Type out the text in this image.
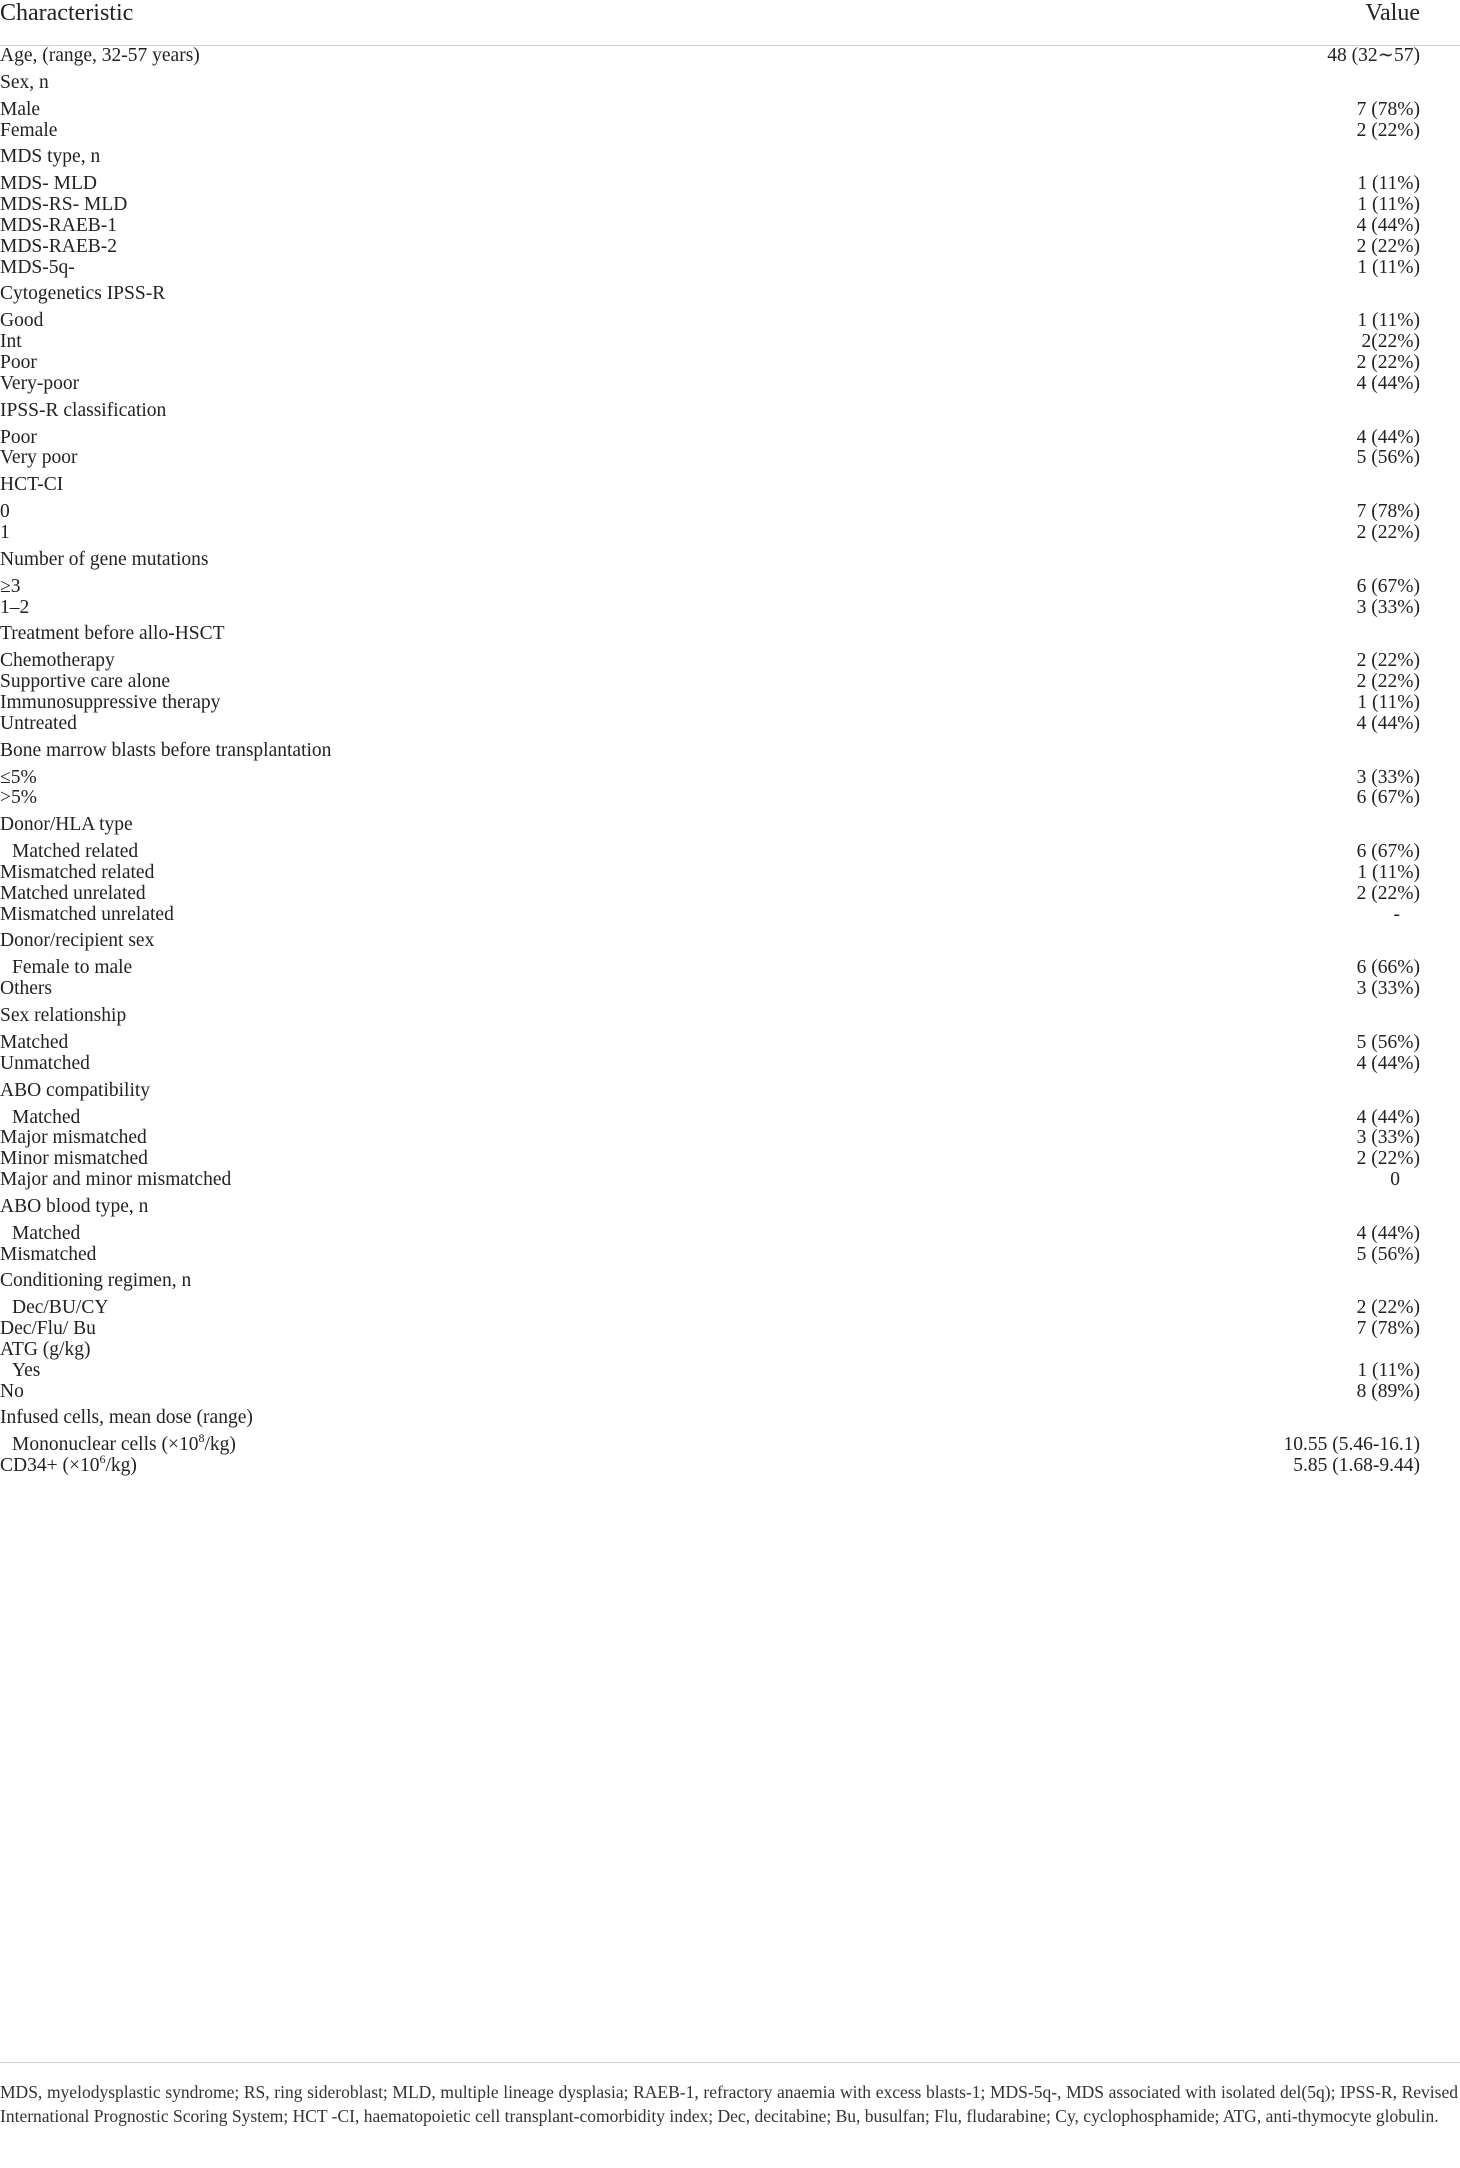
Characteristic	Value
Age, (range, 32-57 years)	48 (32∼57)
Sex, n
Male	7 (78%)
Female	2 (22%)
MDS type, n
MDS- MLD	1 (11%)
MDS-RS- MLD	1 (11%)
MDS-RAEB-1	4 (44%)
MDS-RAEB-2	2 (22%)
MDS-5q-	1 (11%)
Cytogenetics IPSS-R
Good	1 (11%)
Int	2(22%)
Poor	2 (22%)
Very-poor	4 (44%)
IPSS-R classification
Poor	4 (44%)
Very poor	5 (56%)
HCT-CI
0	7 (78%)
1	2 (22%)
Number of gene mutations
≥3	6 (67%)
1–2	3 (33%)
Treatment before allo-HSCT
Chemotherapy	2 (22%)
Supportive care alone	2 (22%)
Immunosuppressive therapy	1 (11%)
Untreated	4 (44%)
Bone marrow blasts before transplantation
≤5%	3 (33%)
>5%	6 (67%)
Donor/HLA type
Matched related	6 (67%)
Mismatched related	1 (11%)
Matched unrelated	2 (22%)
Mismatched unrelated	-
Donor/recipient sex
Female to male	6 (66%)
Others	3 (33%)
Sex relationship
Matched	5 (56%)
Unmatched	4 (44%)
ABO compatibility
Matched	4 (44%)
Major mismatched	3 (33%)
Minor mismatched	2 (22%)
Major and minor mismatched	0
ABO blood type, n
Matched	4 (44%)
Mismatched	5 (56%)
Conditioning regimen, n
Dec/BU/CY	2 (22%)
Dec/Flu/ Bu	7 (78%)
ATG (g/kg)
Yes	1 (11%)
No	8 (89%)
Infused cells, mean dose (range)
Mononuclear cells $(\times 10^8/kg)$	10.55 (5.46-16.1)
$CD34+ (\times 10^6/kg)$	5.85 (1.68-9.44)
MDS, myelodysplastic syndrome; RS, ring sideroblast; MLD, multiple lineage dysplasia; RAEB-1, refractory anaemia with excess blasts-1; MDS-5q-, MDS associated with isolated del(5q); IPSS-R, Revised International Prognostic Scoring System; HCT -CI, haematopoietic cell transplant-comorbidity index; Dec, decitabine; Bu, busulfan; Flu, fludarabine; Cy, cyclophosphamide; ATG, anti-thymocyte globulin.
